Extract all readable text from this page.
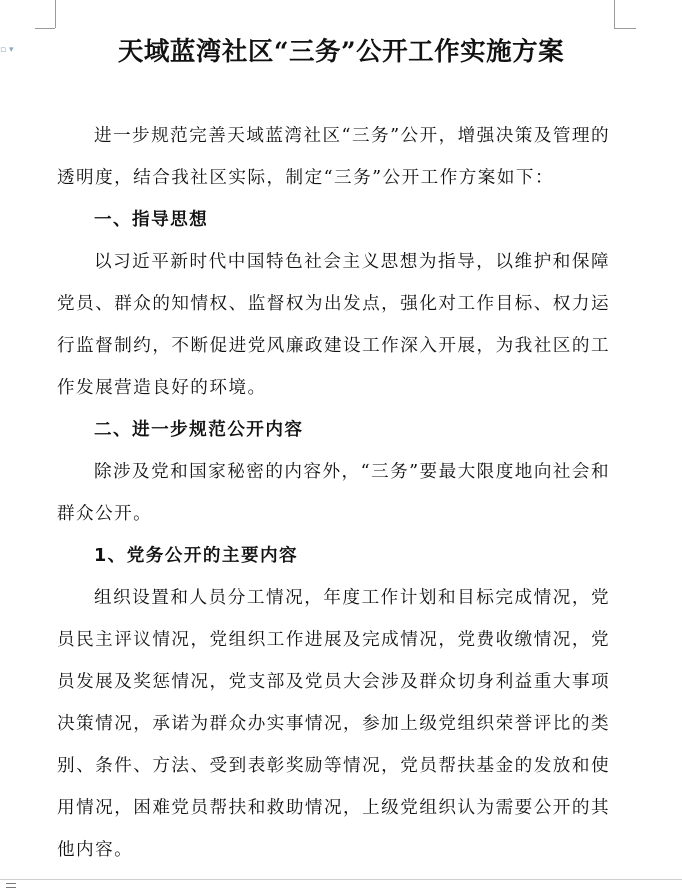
▫ ▾	天域蓝湾社区“三务”公开工作实施方案

进一步规范完善天域蓝湾社区“三务”公开，增强决策及管理的透明度，结合我社区实际，制定“三务”公开工作方案如下：

一、指导思想

以习近平新时代中国特色社会主义思想为指导，以维护和保障党员、群众的知情权、监督权为出发点，强化对工作目标、权力运行监督制约，不断促进党风廉政建设工作深入开展，为我社区的工作发展营造良好的环境。

二、进一步规范公开内容

除涉及党和国家秘密的内容外，“三务”要最大限度地向社会和群众公开。

1、党务公开的主要内容

组织设置和人员分工情况，年度工作计划和目标完成情况，党员民主评议情况，党组织工作进展及完成情况，党费收缴情况，党员发展及奖惩情况，党支部及党员大会涉及群众切身利益重大事项决策情况，承诺为群众办实事情况，参加上级党组织荣誉评比的类别、条件、方法、受到表彰奖励等情况，党员帮扶基金的发放和使用情况，困难党员帮扶和救助情况，上级党组织认为需要公开的其他内容。
